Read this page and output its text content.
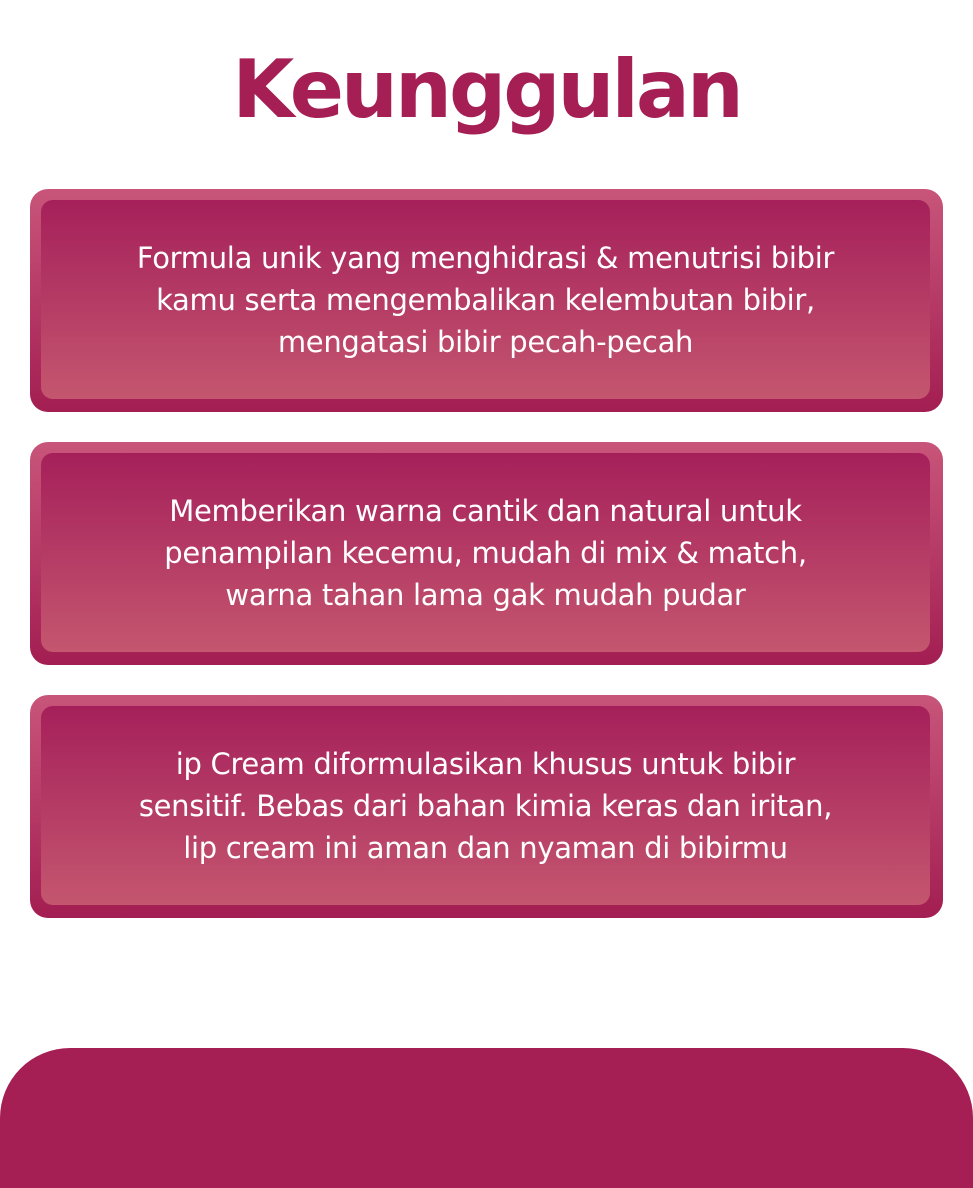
Keunggulan
Formula unik yang menghidrasi & menutrisi bibir
kamu serta mengembalikan kelembutan bibir,
mengatasi bibir pecah-pecah
Memberikan warna cantik dan natural untuk
penampilan kecemu, mudah di mix & match,
warna tahan lama gak mudah pudar
ip Cream diformulasikan khusus untuk bibir
sensitif. Bebas dari bahan kimia keras dan iritan,
lip cream ini aman dan nyaman di bibirmu
